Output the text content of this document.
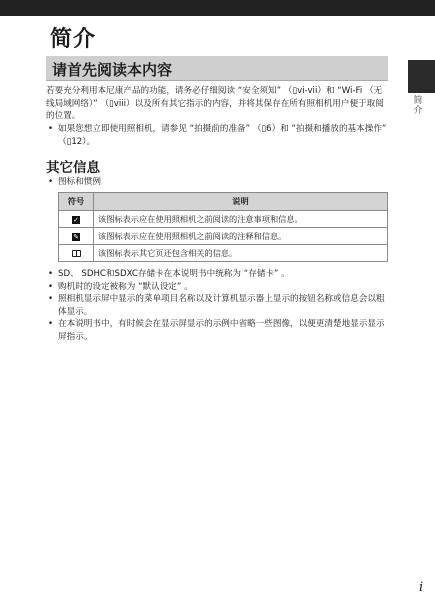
简介
简介
请首先阅读本内容

若要充分利用本尼康产品的功能，请务必仔细阅读 “安全须知” （▯vi-vii）和 “Wi-Fi （无线局域网络）” （▯viii）以及所有其它指示的内容，并将其保存在所有照相机用户便于取阅的位置。

• 如果您想立即使用照相机，请参见 “拍摄前的准备” （▯6）和 “拍摄和播放的基本操作” （▯12）。
其它信息
• 图标和惯例
符号	说明
✓	该图标表示应在使用照相机之前阅读的注意事项和信息。
✎	该图标表示应在使用照相机之前阅读的注释和信息。
	该图标表示其它页还包含相关的信息。
• SD、 SDHC和SDXC存储卡在本说明书中统称为 “存储卡” 。
• 购机时的设定被称为 “默认设定” 。
• 照相机显示屏中显示的菜单项目名称以及计算机显示器上显示的按钮名称或信息会以粗体显示。
• 在本说明书中，有时候会在显示屏显示的示例中省略一些图像，以便更清楚地显示显示屏指示。
i
